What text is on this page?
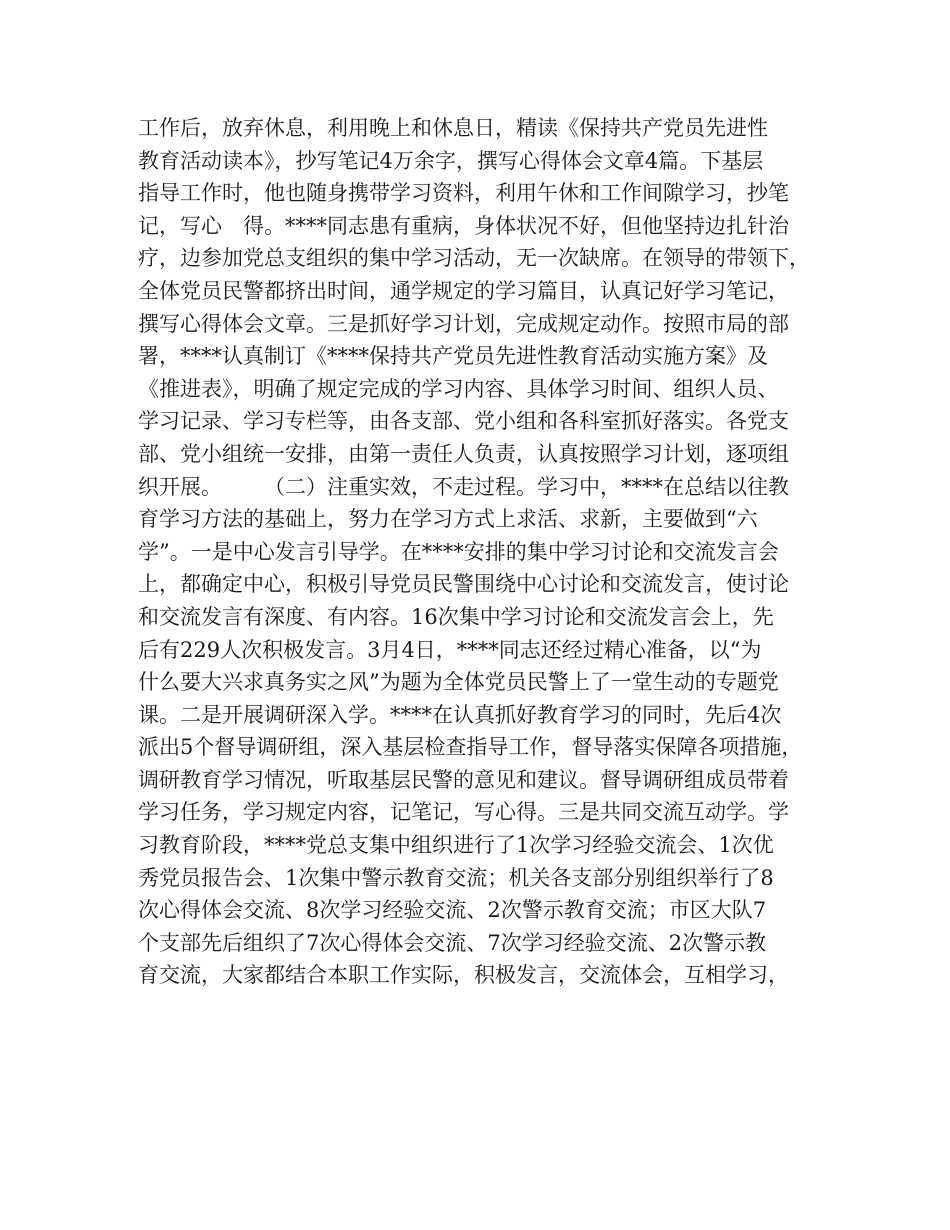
工作后，放弃休息，利用晚上和休息日，精读《保持共产党员先进性
教育活动读本》，抄写笔记4万余字，撰写心得体会文章4篇。下基层
指导工作时，他也随身携带学习资料，利用午休和工作间隙学习，抄笔
记，写心　得。****同志患有重病，身体状况不好，但他坚持边扎针治
疗，边参加党总支组织的集中学习活动，无一次缺席。在领导的带领下，
全体党员民警都挤出时间，通学规定的学习篇目，认真记好学习笔记，
撰写心得体会文章。三是抓好学习计划，完成规定动作。按照市局的部
署，****认真制订《****保持共产党员先进性教育活动实施方案》及
《推进表》，明确了规定完成的学习内容、具体学习时间、组织人员、
学习记录、学习专栏等，由各支部、党小组和各科室抓好落实。各党支
部、党小组统一安排，由第一责任人负责，认真按照学习计划，逐项组
织开展。　　　（二）注重实效，不走过程。学习中，****在总结以往教
育学习方法的基础上，努力在学习方式上求活、求新，主要做到“六
学”。一是中心发言引导学。在****安排的集中学习讨论和交流发言会
上，都确定中心，积极引导党员民警围绕中心讨论和交流发言，使讨论
和交流发言有深度、有内容。16次集中学习讨论和交流发言会上，先
后有229人次积极发言。3月4日，****同志还经过精心准备，以“为
什么要大兴求真务实之风”为题为全体党员民警上了一堂生动的专题党
课。二是开展调研深入学。****在认真抓好教育学习的同时，先后4次
派出5个督导调研组，深入基层检查指导工作，督导落实保障各项措施，
调研教育学习情况，听取基层民警的意见和建议。督导调研组成员带着
学习任务，学习规定内容，记笔记，写心得。三是共同交流互动学。学
习教育阶段，****党总支集中组织进行了1次学习经验交流会、1次优
秀党员报告会、1次集中警示教育交流；机关各支部分别组织举行了8
次心得体会交流、8次学习经验交流、2次警示教育交流；市区大队7
个支部先后组织了7次心得体会交流、7次学习经验交流、2次警示教
育交流，大家都结合本职工作实际，积极发言，交流体会，互相学习，
